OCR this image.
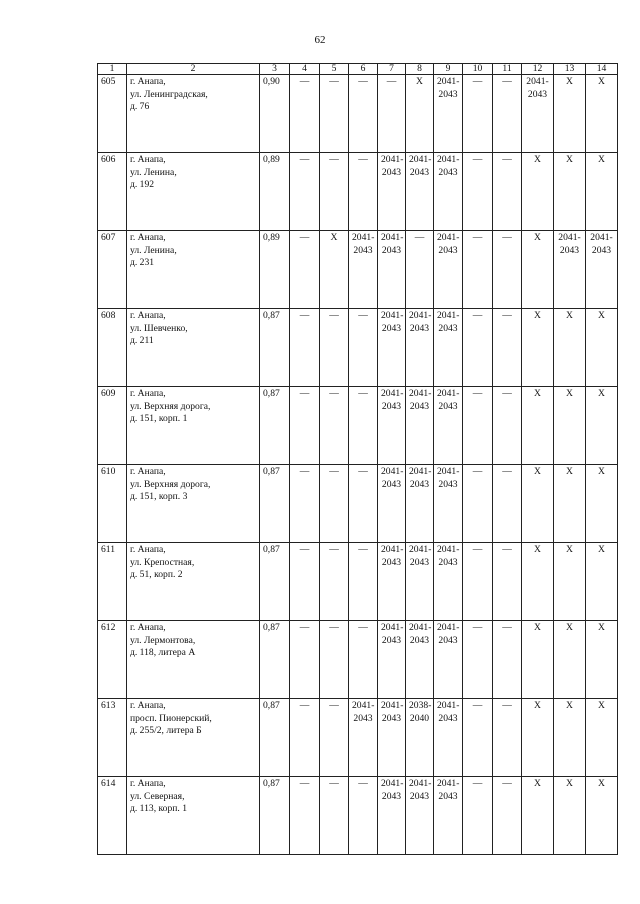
62
1	2	3	4	5	6	7	8	9	10	11	12	13	14
605	г. Анапа,
ул. Ленинградская,
д. 76	0,90	—	—	—	—	X	2041-
2043	—	—	2041-
2043	X	X

606	г. Анапа,
ул. Ленина,
д. 192	0,89	—	—	—	2041-
2043	2041-
2043	2041-
2043	—	—	X	X	X

607	г. Анапа,
ул. Ленина,
д. 231	0,89	—	X	2041-
2043	2041-
2043	—	2041-
2043	—	—	X	2041-
2043	2041-
2043

608	г. Анапа,
ул. Шевченко,
д. 211	0,87	—	—	—	2041-
2043	2041-
2043	2041-
2043	—	—	X	X	X

609	г. Анапа,
ул. Верхняя дорога,
д. 151, корп. 1	0,87	—	—	—	2041-
2043	2041-
2043	2041-
2043	—	—	X	X	X

610	г. Анапа,
ул. Верхняя дорога,
д. 151, корп. 3	0,87	—	—	—	2041-
2043	2041-
2043	2041-
2043	—	—	X	X	X

611	г. Анапа,
ул. Крепостная,
д. 51, корп. 2	0,87	—	—	—	2041-
2043	2041-
2043	2041-
2043	—	—	X	X	X

612	г. Анапа,
ул. Лермонтова,
д. 118, литера А	0,87	—	—	—	2041-
2043	2041-
2043	2041-
2043	—	—	X	X	X

613	г. Анапа,
просп. Пионерский,
д. 255/2, литера Б	0,87	—	—	2041-
2043	2041-
2043	2038-
2040	2041-
2043	—	—	X	X	X

614	г. Анапа,
ул. Северная,
д. 113, корп. 1	0,87	—	—	—	2041-
2043	2041-
2043	2041-
2043	—	—	X	X	X
